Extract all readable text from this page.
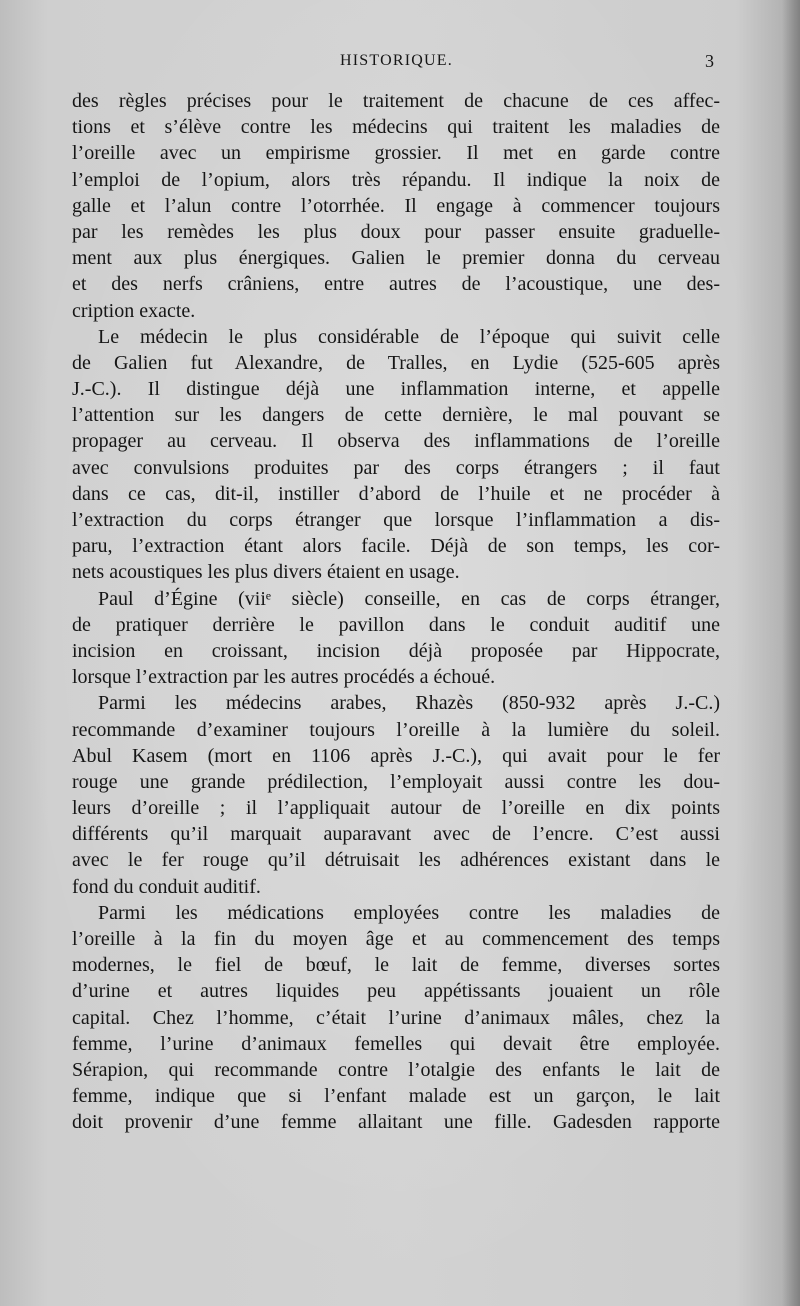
HISTORIQUE.	3
des règles précises pour le traitement de chacune de ces affec-
tions et s’élève contre les médecins qui traitent les maladies de
l’oreille avec un empirisme grossier. Il met en garde contre
l’emploi de l’opium, alors très répandu. Il indique la noix de
galle et l’alun contre l’otorrhée. Il engage à commencer toujours
par les remèdes les plus doux pour passer ensuite graduelle-
ment aux plus énergiques. Galien le premier donna du cerveau
et des nerfs crâniens, entre autres de l’acoustique, une des-
cription exacte.
Le médecin le plus considérable de l’époque qui suivit celle
de Galien fut Alexandre, de Tralles, en Lydie (525-605 après
J.-C.). Il distingue déjà une inflammation interne, et appelle
l’attention sur les dangers de cette dernière, le mal pouvant se
propager au cerveau. Il observa des inflammations de l’oreille
avec convulsions produites par des corps étrangers ; il faut
dans ce cas, dit-il, instiller d’abord de l’huile et ne procéder à
l’extraction du corps étranger que lorsque l’inflammation a dis-
paru, l’extraction étant alors facile. Déjà de son temps, les cor-
nets acoustiques les plus divers étaient en usage.
Paul d’Égine (viiᵉ siècle) conseille, en cas de corps étranger,
de pratiquer derrière le pavillon dans le conduit auditif une
incision en croissant, incision déjà proposée par Hippocrate,
lorsque l’extraction par les autres procédés a échoué.
Parmi les médecins arabes, Rhazès (850-932 après J.-C.)
recommande d’examiner toujours l’oreille à la lumière du soleil.
Abul Kasem (mort en 1106 après J.-C.), qui avait pour le fer
rouge une grande prédilection, l’employait aussi contre les dou-
leurs d’oreille ; il l’appliquait autour de l’oreille en dix points
différents qu’il marquait auparavant avec de l’encre. C’est aussi
avec le fer rouge qu’il détruisait les adhérences existant dans le
fond du conduit auditif.
Parmi les médications employées contre les maladies de
l’oreille à la fin du moyen âge et au commencement des temps
modernes, le fiel de bœuf, le lait de femme, diverses sortes
d’urine et autres liquides peu appétissants jouaient un rôle
capital. Chez l’homme, c’était l’urine d’animaux mâles, chez la
femme, l’urine d’animaux femelles qui devait être employée.
Sérapion, qui recommande contre l’otalgie des enfants le lait de
femme, indique que si l’enfant malade est un garçon, le lait
doit provenir d’une femme allaitant une fille. Gadesden rapporte
